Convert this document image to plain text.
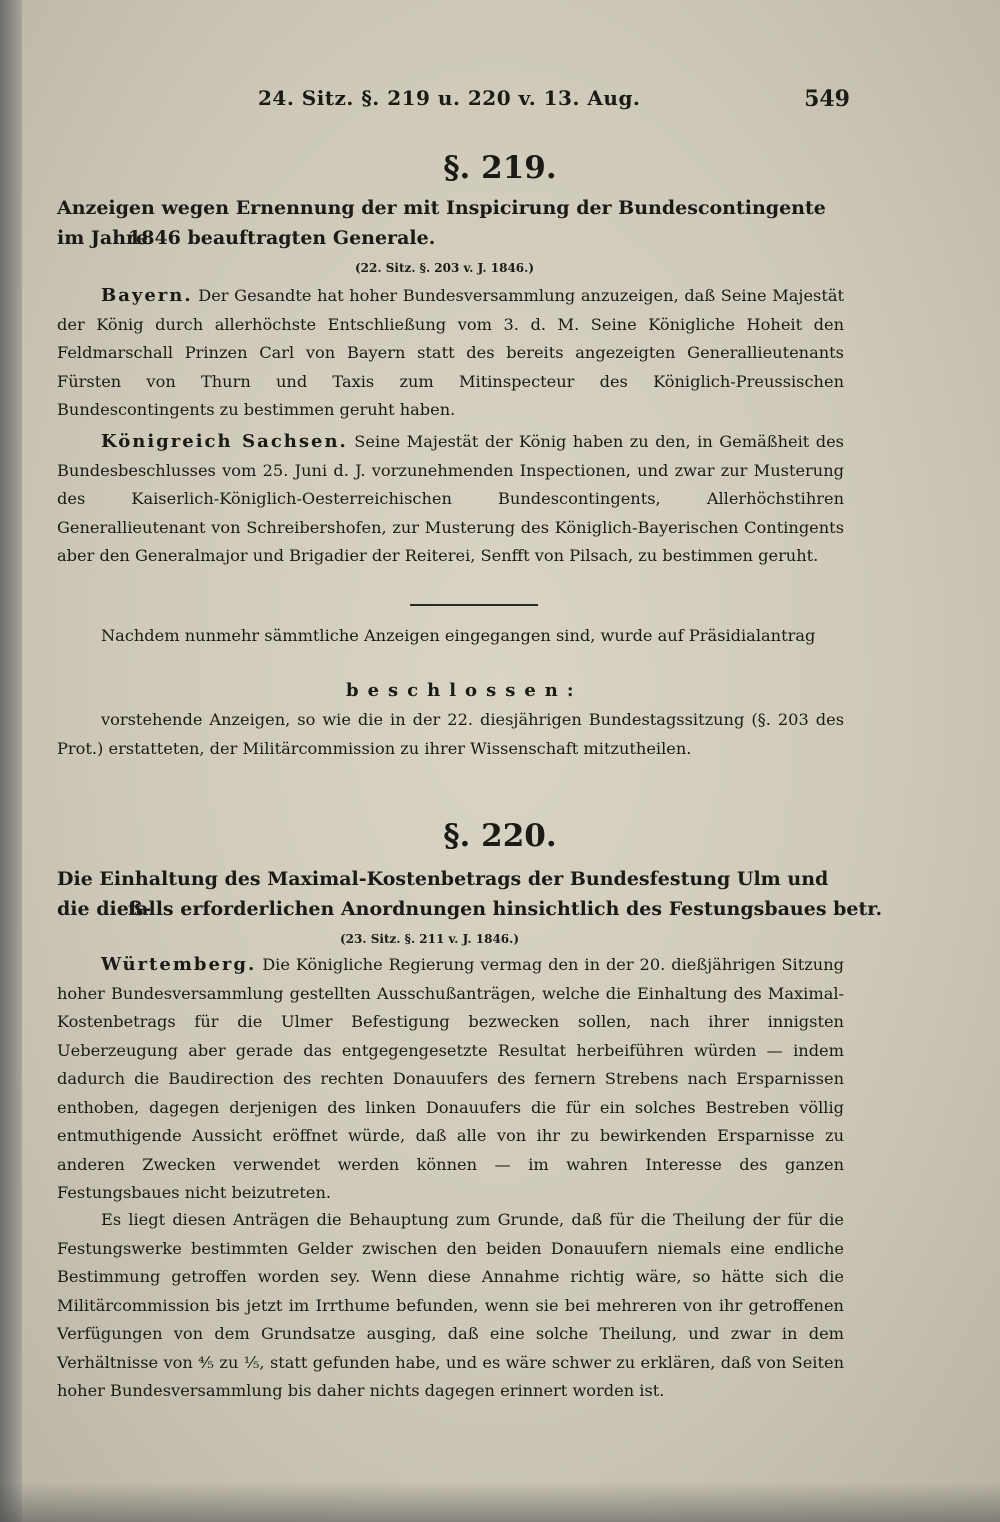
24. Sitz. §. 219 u. 220 v. 13. Aug.	549
§. 219.
Anzeigen wegen Ernennung der mit Inspicirung der Bundescontingente im Jahre
1846 beauftragten Generale.
(22. Sitz. §. 203 v. J. 1846.)

Bayern. Der Gesandte hat hoher Bundesversammlung anzuzeigen, daß Seine Majestät der König durch allerhöchste Entschließung vom 3. d. M. Seine Königliche Hoheit den Feldmarschall Prinzen Carl von Bayern statt des bereits angezeigten Generallieutenants Fürsten von Thurn und Taxis zum Mitinspecteur des Königlich-Preussischen Bundescontingents zu bestimmen geruht haben.

Königreich Sachsen. Seine Majestät der König haben zu den, in Gemäßheit des Bundesbeschlusses vom 25. Juni d. J. vorzunehmenden Inspectionen, und zwar zur Musterung des Kaiserlich-Königlich-Oesterreichischen Bundescontingents, Allerhöchstihren Generallieutenant von Schreibershofen, zur Musterung des Königlich-Bayerischen Contingents aber den Generalmajor und Brigadier der Reiterei, Senfft von Pilsach, zu bestimmen geruht.

Nachdem nunmehr sämmtliche Anzeigen eingegangen sind, wurde auf Präsidialantrag

beschlossen:

vorstehende Anzeigen, so wie die in der 22. diesjährigen Bundestagssitzung (§. 203 des Prot.) erstatteten, der Militärcommission zu ihrer Wissenschaft mitzutheilen.

§. 220.
Die Einhaltung des Maximal-Kostenbetrags der Bundesfestung Ulm und die dieß-
falls erforderlichen Anordnungen hinsichtlich des Festungsbaues betr.
(23. Sitz. §. 211 v. J. 1846.)

Würtemberg. Die Königliche Regierung vermag den in der 20. dießjährigen Sitzung hoher Bundesversammlung gestellten Ausschußanträgen, welche die Einhaltung des Maximal-Kostenbetrags für die Ulmer Befestigung bezwecken sollen, nach ihrer innigsten Ueberzeugung aber gerade das entgegengesetzte Resultat herbeiführen würden — indem dadurch die Baudirection des rechten Donauufers des fernern Strebens nach Ersparnissen enthoben, dagegen derjenigen des linken Donauufers die für ein solches Bestreben völlig entmuthigende Aussicht eröffnet würde, daß alle von ihr zu bewirkenden Ersparnisse zu anderen Zwecken verwendet werden können — im wahren Interesse des ganzen Festungsbaues nicht beizutreten.

Es liegt diesen Anträgen die Behauptung zum Grunde, daß für die Theilung der für die Festungswerke bestimmten Gelder zwischen den beiden Donauufern niemals eine endliche Bestimmung getroffen worden sey. Wenn diese Annahme richtig wäre, so hätte sich die Militärcommission bis jetzt im Irrthume befunden, wenn sie bei mehreren von ihr getroffenen Verfügungen von dem Grundsatze ausging, daß eine solche Theilung, und zwar in dem Verhältnisse von ⅘ zu ⅕, statt gefunden habe, und es wäre schwer zu erklären, daß von Seiten hoher Bundesversammlung bis daher nichts dagegen erinnert worden ist.
